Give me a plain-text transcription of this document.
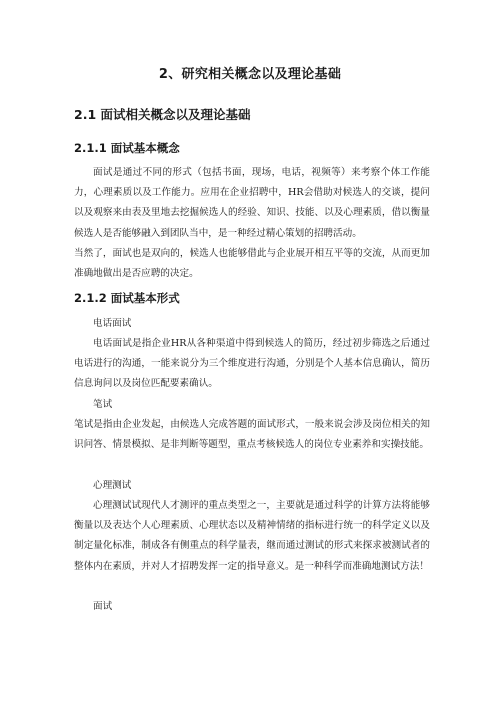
2、研究相关概念以及理论基础
2.1 面试相关概念以及理论基础
2.1.1 面试基本概念

面试是通过不同的形式（包括书面，现场，电话，视频等）来考察个体工作能力，心理素质以及工作能力。应用在企业招聘中，HR会借助对候选人的交谈，提问以及观察来由表及里地去挖掘候选人的经验、知识、技能、以及心理素质，借以衡量候选人是否能够融入到团队当中，是一种经过精心策划的招聘活动。

当然了，面试也是双向的，候选人也能够借此与企业展开相互平等的交流，从而更加准确地做出是否应聘的决定。

2.1.2 面试基本形式
电话面试

电话面试是指企业HR从各种渠道中得到候选人的简历，经过初步筛选之后通过电话进行的沟通，一能来说分为三个维度进行沟通，分别是个人基本信息确认，简历信息询问以及岗位匹配要素确认。

笔试

笔试是指由企业发起，由候选人完成答题的面试形式，一般来说会涉及岗位相关的知识问答、情景模拟、是非判断等题型，重点考核候选人的岗位专业素养和实操技能。

心理测试

心理测试试现代人才测评的重点类型之一，主要就是通过科学的计算方法将能够衡量以及表达个人心理素质、心理状态以及精神情绪的指标进行统一的科学定义以及制定量化标准，制成各有侧重点的科学量表，继而通过测试的形式来探求被测试者的整体内在素质，并对人才招聘发挥一定的指导意义。是一种科学而准确地测试方法！

面试
